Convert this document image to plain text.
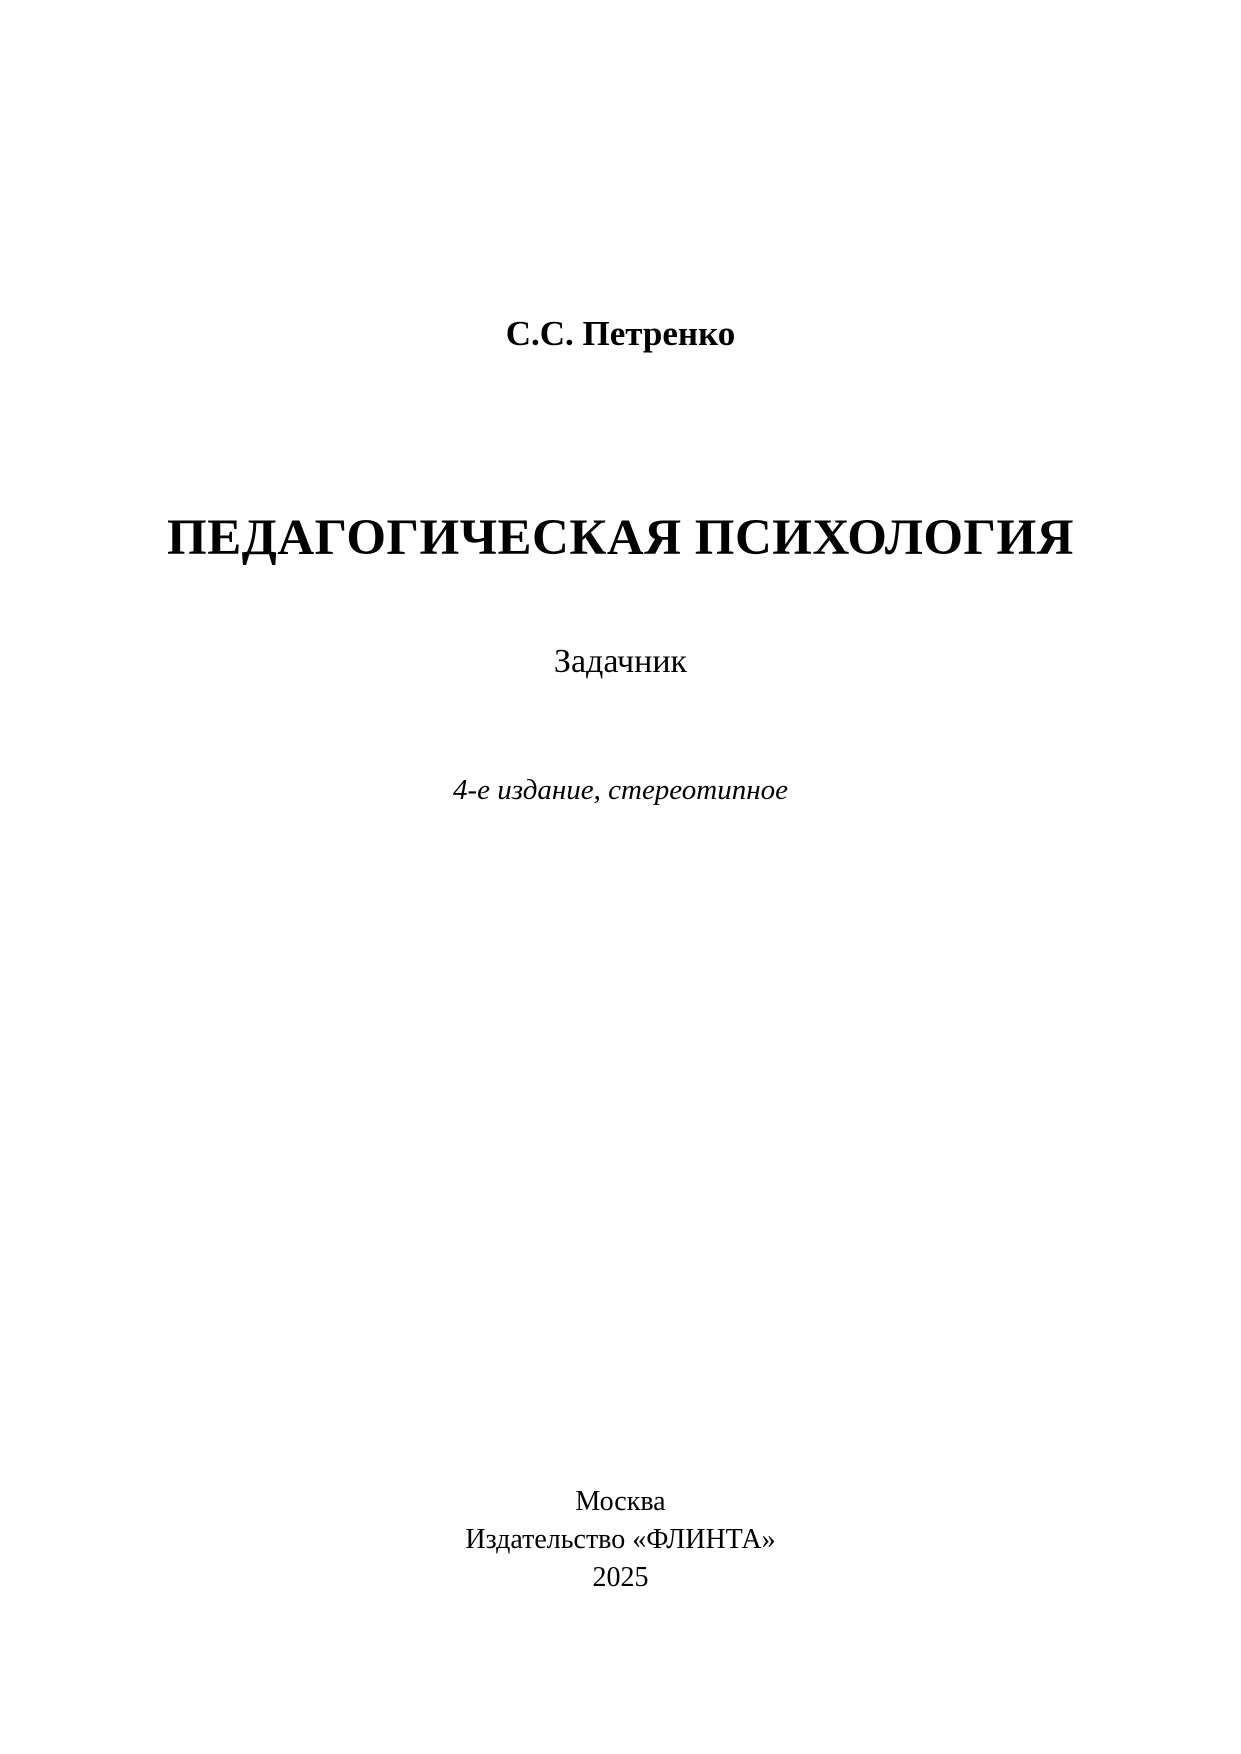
С.С. Петренко
ПЕДАГОГИЧЕСКАЯ ПСИХОЛОГИЯ
Задачник
4-е издание, стереотипное
Москва
Издательство «ФЛИНТА»
2025
